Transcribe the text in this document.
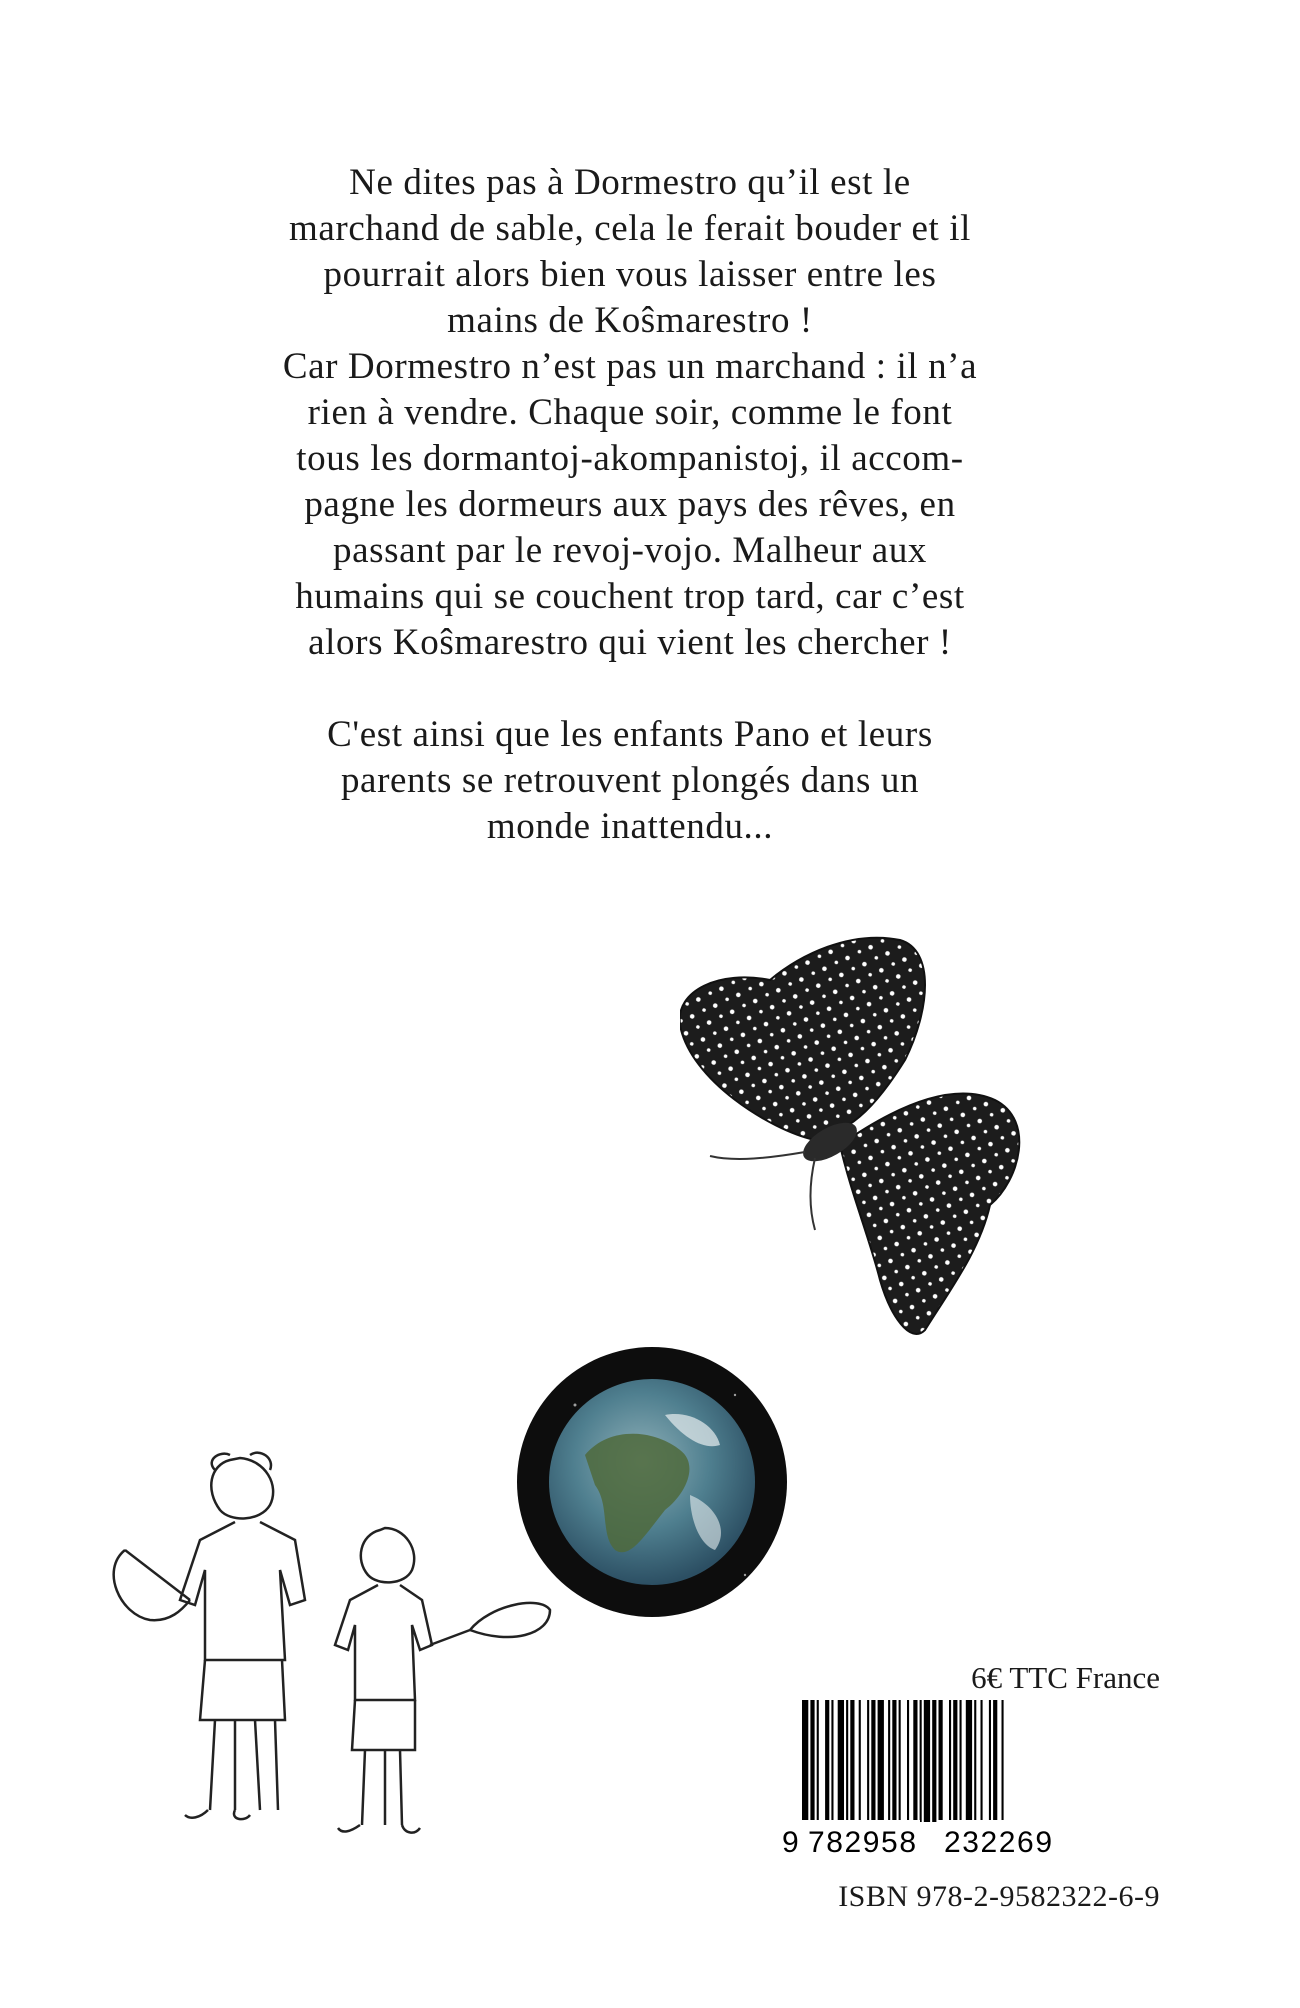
Ne dites pas à Dormestro qu’il est le
marchand de sable, cela le ferait bouder et il
pourrait alors bien vous laisser entre les
mains de Koŝmarestro !

Car Dormestro n’est pas un marchand : il n’a
rien à vendre. Chaque soir, comme le font
tous les dormantoj-akompanistoj, il accom-
pagne les dormeurs aux pays des rêves, en
passant par le revoj-vojo. Malheur aux
humains qui se couchent trop tard, car c’est
alors Koŝmarestro qui vient les chercher !

C'est ainsi que les enfants Pano et leurs
parents se retrouvent plongés dans un
monde inattendu...

6€ TTC France
9 782958 232269
ISBN 978-2-9582322-6-9
